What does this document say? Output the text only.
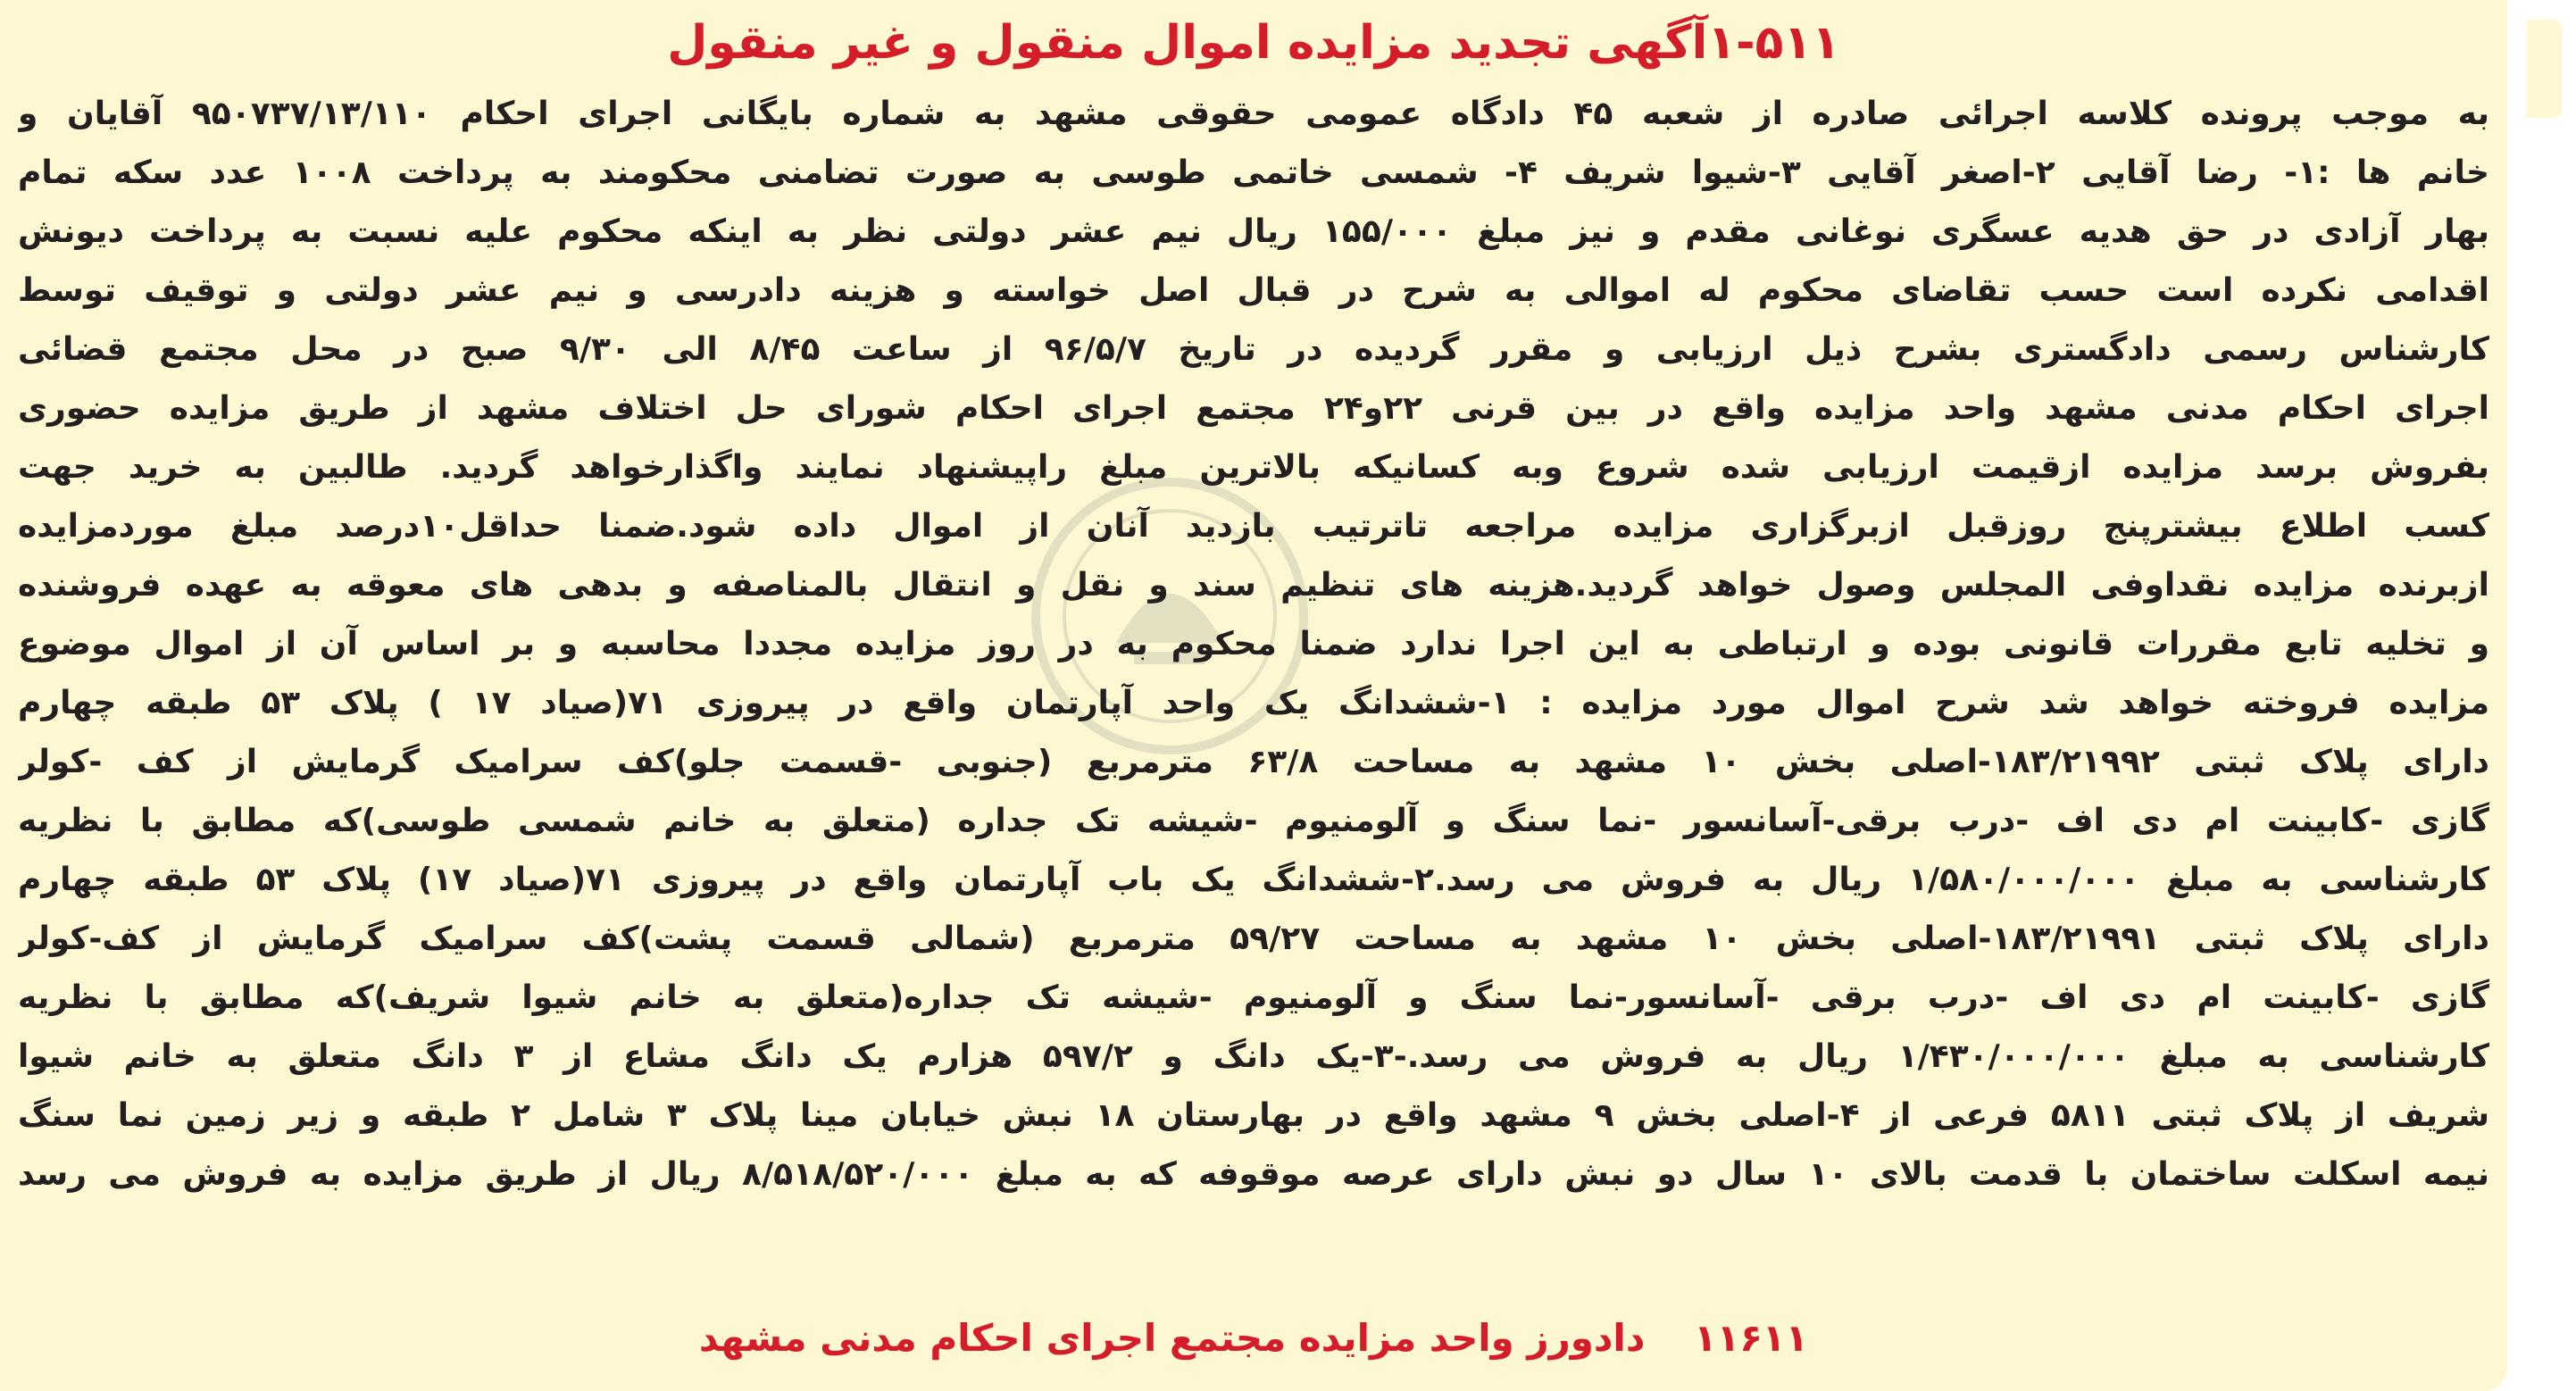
۱-۵۱۱آگهی تجدید مزایده اموال منقول و غیر منقول
به موجب پرونده کلاسه اجرائی صادره از شعبه ۴۵ دادگاه عمومی حقوقی مشهد به شماره بایگانی اجرای احکام ۹۵۰۷۳۷/۱۳/۱۱۰ آقایان و
خانم ها :۱- رضا آقایی ۲-اصغر آقایی ۳-شیوا شریف ۴- شمسی خاتمی طوسی به صورت تضامنی محکومند به پرداخت ۱۰۰۸ عدد سکه تمام
بهار آزادی در حق هدیه عسگری نوغانی مقدم و نیز مبلغ ۱۵۵/۰۰۰ ریال نیم عشر دولتی نظر به اینکه محکوم علیه نسبت به پرداخت دیونش
اقدامی نکرده است حسب تقاضای محکوم له اموالی به شرح در قبال اصل خواسته و هزینه دادرسی و نیم عشر دولتی و توقیف توسط
کارشناس رسمی دادگستری بشرح ذیل ارزیابی و مقرر گردیده در تاریخ ۹۶/۵/۷ از ساعت ۸/۴۵ الی ۹/۳۰ صبح در محل مجتمع قضائی
اجرای احکام مدنی مشهد واحد مزایده واقع در بین قرنی ۲۲و۲۴ مجتمع اجرای احکام شورای حل اختلاف مشهد از طریق مزایده حضوری
بفروش برسد مزایده ازقیمت ارزیابی شده شروع وبه کسانیکه بالاترین مبلغ راپیشنهاد نمایند واگذارخواهد گردید. طالبین به خرید جهت
کسب اطلاع بیشترپنج روزقبل ازبرگزاری مزایده مراجعه تاترتیب بازدید آنان از اموال داده شود.ضمنا حداقل۱۰درصد مبلغ موردمزایده
ازبرنده مزایده نقداوفی المجلس وصول خواهد گردید.هزینه های تنظیم سند و نقل و انتقال بالمناصفه و بدهی های معوقه به عهده فروشنده
و تخلیه تابع مقررات قانونی بوده و ارتباطی به این اجرا ندارد ضمنا محکوم به در روز مزایده مجددا محاسبه و بر اساس آن از اموال موضوع
مزایده فروخته خواهد شد شرح اموال مورد مزایده : ۱-ششدانگ یک واحد آپارتمان واقع در پیروزی ۷۱(صیاد ۱۷ ) پلاک ۵۳ طبقه چهارم
دارای پلاک ثبتی ۱۸۳/۲۱۹۹۲-اصلی بخش ۱۰ مشهد به مساحت ۶۳/۸ مترمربع (جنوبی -قسمت جلو)کف سرامیک گرمایش از کف -کولر
گازی -کابینت ام دی اف -درب برقی-آسانسور -نما سنگ و آلومنیوم -شیشه تک جداره (متعلق به خانم شمسی طوسی)که مطابق با نظریه
کارشناسی به مبلغ ۱/۵۸۰/۰۰۰/۰۰۰ ریال به فروش می رسد.۲-ششدانگ یک باب آپارتمان واقع در پیروزی ۷۱(صیاد ۱۷) پلاک ۵۳ طبقه چهارم
دارای پلاک ثبتی ۱۸۳/۲۱۹۹۱-اصلی بخش ۱۰ مشهد به مساحت ۵۹/۲۷ مترمربع (شمالی قسمت پشت)کف سرامیک گرمایش از کف-کولر
گازی -کابینت ام دی اف -درب برقی -آسانسور-نما سنگ و آلومنیوم -شیشه تک جداره(متعلق به خانم شیوا شریف)که مطابق با نظریه
کارشناسی به مبلغ ۱/۴۳۰/۰۰۰/۰۰۰ ریال به فروش می رسد.-۳-یک دانگ و ۵۹۷/۲ هزارم یک دانگ مشاع از ۳ دانگ متعلق به خانم شیوا
شریف از پلاک ثبتی ۵۸۱۱ فرعی از ۴-اصلی بخش ۹ مشهد واقع در بهارستان ۱۸ نبش خیابان مینا پلاک ۳ شامل ۲ طبقه و زیر زمین نما سنگ
نیمه اسکلت ساختمان با قدمت بالای ۱۰ سال دو نبش دارای عرصه موقوفه که به مبلغ ۸/۵۱۸/۵۲۰/۰۰۰ ریال از طریق مزایده به فروش می رسد
۱۱۶۱۱ دادورز واحد مزایده مجتمع اجرای احکام مدنی مشهد
